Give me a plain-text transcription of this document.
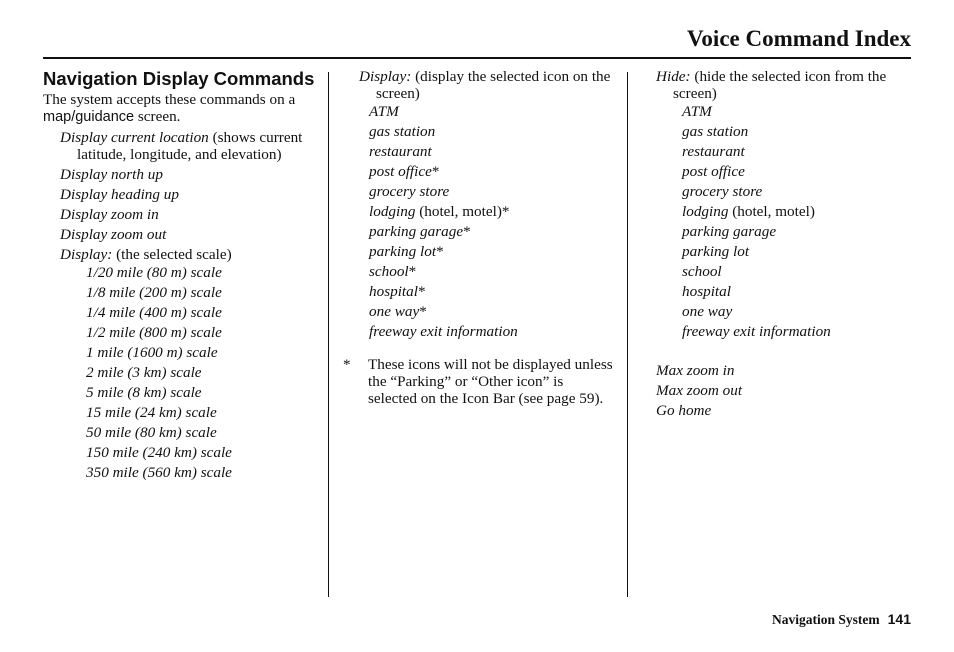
Voice Command Index
Navigation Display Commands
The system accepts these commands on a map/guidance screen.
Display current location (shows current latitude, longitude, and elevation)
Display north up
Display heading up
Display zoom in
Display zoom out
Display: (the selected scale)
1/20 mile (80 m) scale
1/8 mile (200 m) scale
1/4 mile (400 m) scale
1/2 mile (800 m) scale
1 mile (1600 m) scale
2 mile (3 km) scale
5 mile (8 km) scale
15 mile (24 km) scale
50 mile (80 km) scale
150 mile (240 km) scale
350 mile (560 km) scale
Display: (display the selected icon on the screen)
ATM
gas station
restaurant
post office*
grocery store
lodging (hotel, motel)*
parking garage*
parking lot*
school*
hospital*
one way*
freeway exit information
*	These icons will not be displayed unless the “Parking” or “Other icon” is selected on the Icon Bar (see page 59).
Hide: (hide the selected icon from the screen)
ATM
gas station
restaurant
post office
grocery store
lodging (hotel, motel)
parking garage
parking lot
school
hospital
one way
freeway exit information
Max zoom in
Max zoom out
Go home
Navigation System 141
